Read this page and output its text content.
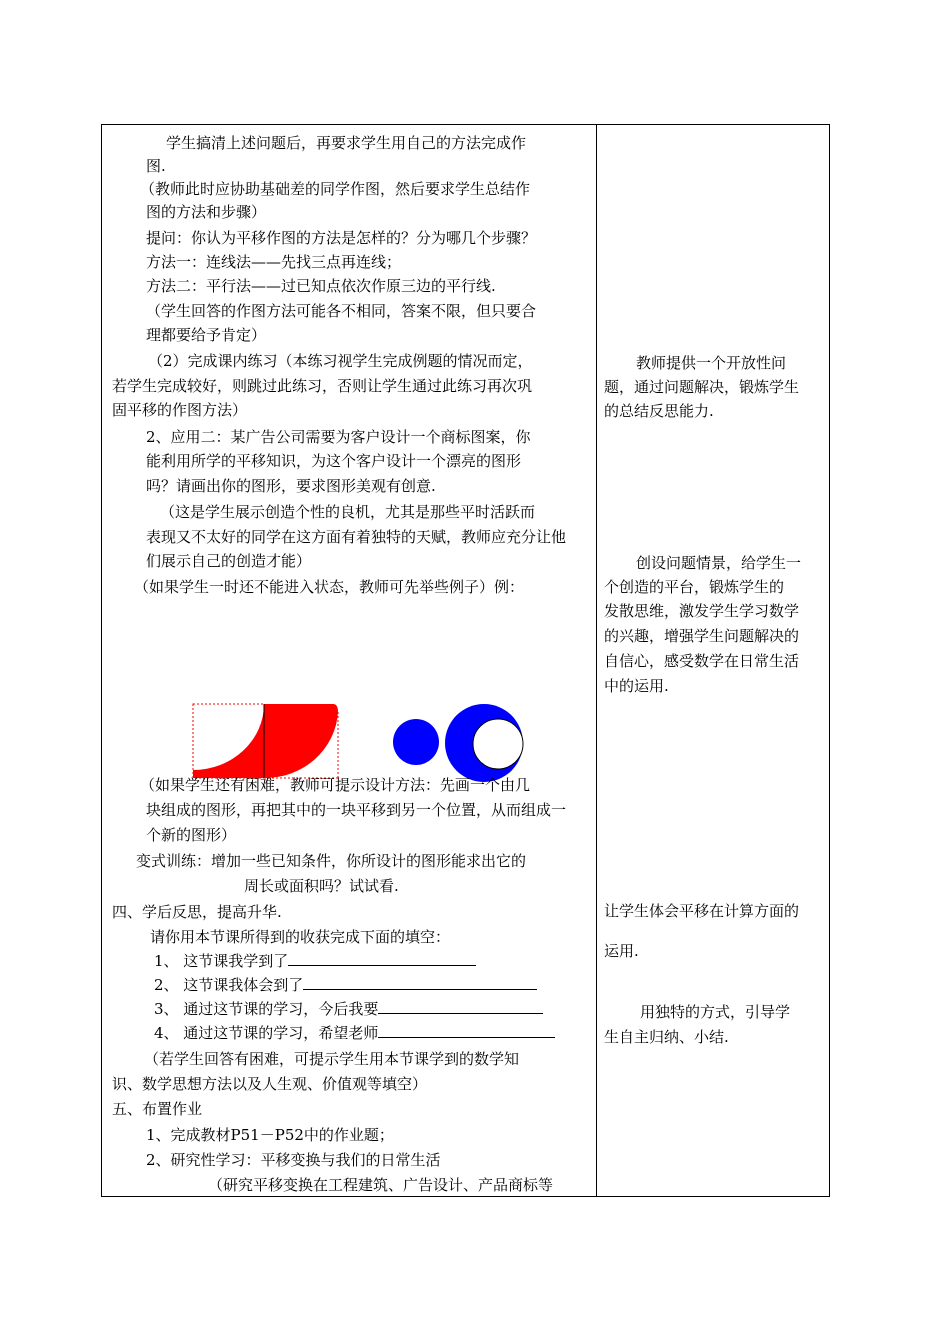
学生搞清上述问题后，再要求学生用自己的方法完成作
图.
（教师此时应协助基础差的同学作图，然后要求学生总结作
图的方法和步骤）
提问：你认为平移作图的方法是怎样的？分为哪几个步骤？
方法一：连线法——先找三点再连线；
方法二：平行法——过已知点依次作原三边的平行线.
（学生回答的作图方法可能各不相同，答案不限，但只要合
理都要给予肯定）
（2）完成课内练习（本练习视学生完成例题的情况而定，
若学生完成较好，则跳过此练习，否则让学生通过此练习再次巩
固平移的作图方法）
2、应用二：某广告公司需要为客户设计一个商标图案，你
能利用所学的平移知识，为这个客户设计一个漂亮的图形
吗？请画出你的图形，要求图形美观有创意.
（这是学生展示创造个性的良机，尤其是那些平时活跃而
表现又不太好的同学在这方面有着独特的天赋，教师应充分让他
们展示自己的创造才能）
（如果学生一时还不能进入状态，教师可先举些例子）例：
（如果学生还有困难，教师可提示设计方法：先画一个由几
块组成的图形，再把其中的一块平移到另一个位置，从而组成一
个新的图形）
变式训练：增加一些已知条件，你所设计的图形能求出它的
周长或面积吗？试试看.
四、学后反思，提高升华.
请你用本节课所得到的收获完成下面的填空：
1、 这节课我学到了
2、 这节课我体会到了
3、 通过这节课的学习，今后我要
4、 通过这节课的学习，希望老师
（若学生回答有困难，可提示学生用本节课学到的数学知
识、数学思想方法以及人生观、价值观等填空）
五、布置作业
1、完成教材P51－P52中的作业题；
2、研究性学习：平移变换与我们的日常生活
（研究平移变换在工程建筑、广告设计、产品商标等
教师提供一个开放性问
题，通过问题解决，锻炼学生
的总结反思能力.
创设问题情景，给学生一
个创造的平台，锻炼学生的
发散思维，激发学生学习数学
的兴趣，增强学生问题解决的
自信心，感受数学在日常生活
中的运用.
让学生体会平移在计算方面的
运用.
用独特的方式，引导学
生自主归纳、小结.
